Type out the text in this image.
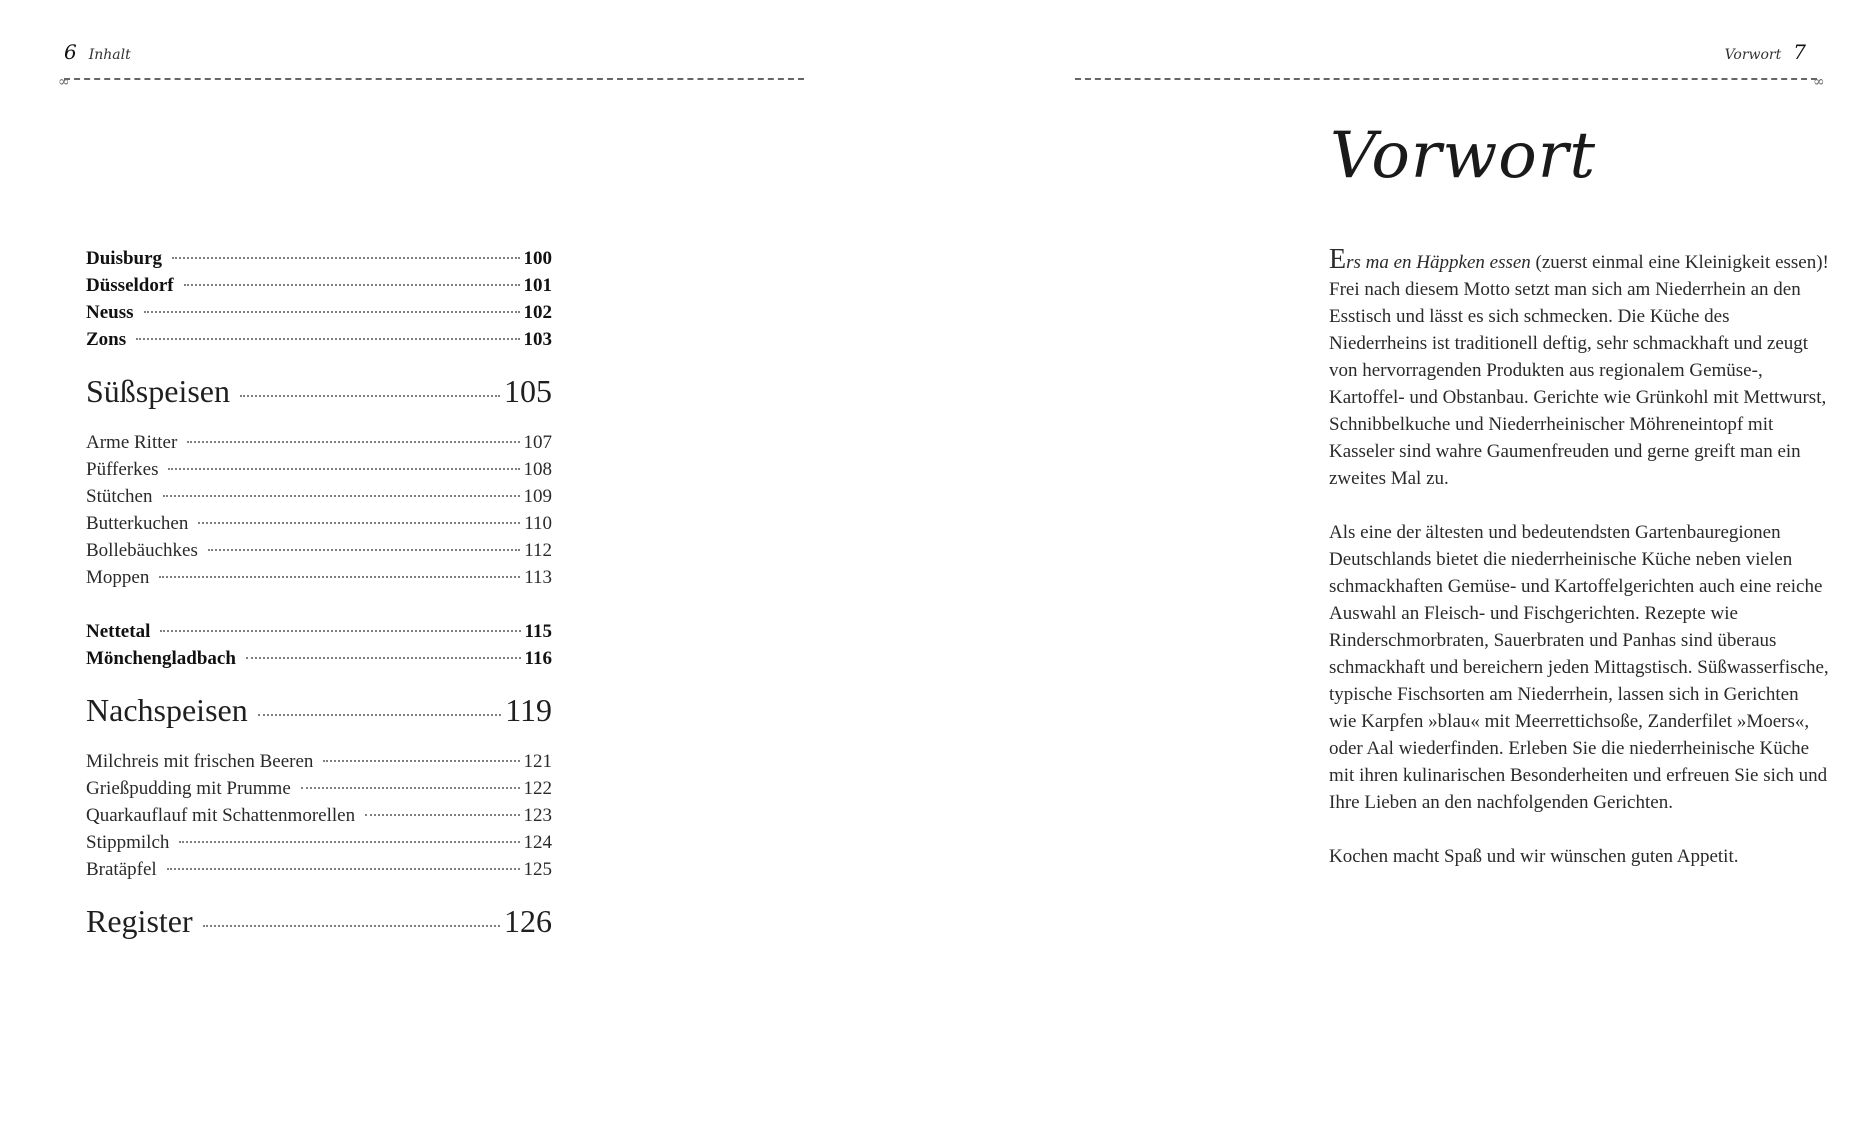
6 Inhalt
∞
Duisburg	100
Düsseldorf	101
Neuss	102
Zons	103
Süßspeisen	105
Arme Ritter	107
Püfferkes	108
Stütchen	109
Butterkuchen	110
Bollebäuchkes	112
Moppen	113
Nettetal	115
Mönchengladbach	116
Nachspeisen	119
Milchreis mit frischen Beeren	121
Grießpudding mit Prumme	122
Quarkauflauf mit Schattenmorellen	123
Stippmilch	124
Bratäpfel	125
Register	126
Vorwort 7
∞
Vorwort

Ers ma en Häppken essen (zuerst einmal eine Kleinigkeit essen)! Frei nach diesem Motto setzt man sich am Niederrhein an den Esstisch und lässt es sich schmecken. Die Küche des Niederrheins ist traditionell deftig, sehr schmackhaft und zeugt von hervorragenden Produkten aus regionalem Gemüse-, Kartoffel- und Obstanbau. Gerichte wie Grünkohl mit Mettwurst, Schnibbelkuche und Niederrheinischer Möhreneintopf mit Kasseler sind wahre Gaumenfreuden und gerne greift man ein zweites Mal zu.

Als eine der ältesten und bedeutendsten Gartenbauregionen Deutschlands bietet die niederrheinische Küche neben vielen schmackhaften Gemüse- und Kartoffelgerichten auch eine reiche Auswahl an Fleisch- und Fischgerichten. Rezepte wie Rinderschmorbraten, Sauerbraten und Panhas sind überaus schmackhaft und bereichern jeden Mittagstisch. Süßwasserfische, typische Fischsorten am Niederrhein, lassen sich in Gerichten wie Karpfen »blau« mit Meerrettichsoße, Zanderfilet »Moers«, oder Aal wiederfinden. Erleben Sie die niederrheinische Küche mit ihren kulinarischen Besonderheiten und erfreuen Sie sich und Ihre Lieben an den nachfolgenden Gerichten.

Kochen macht Spaß und wir wünschen guten Appetit.
